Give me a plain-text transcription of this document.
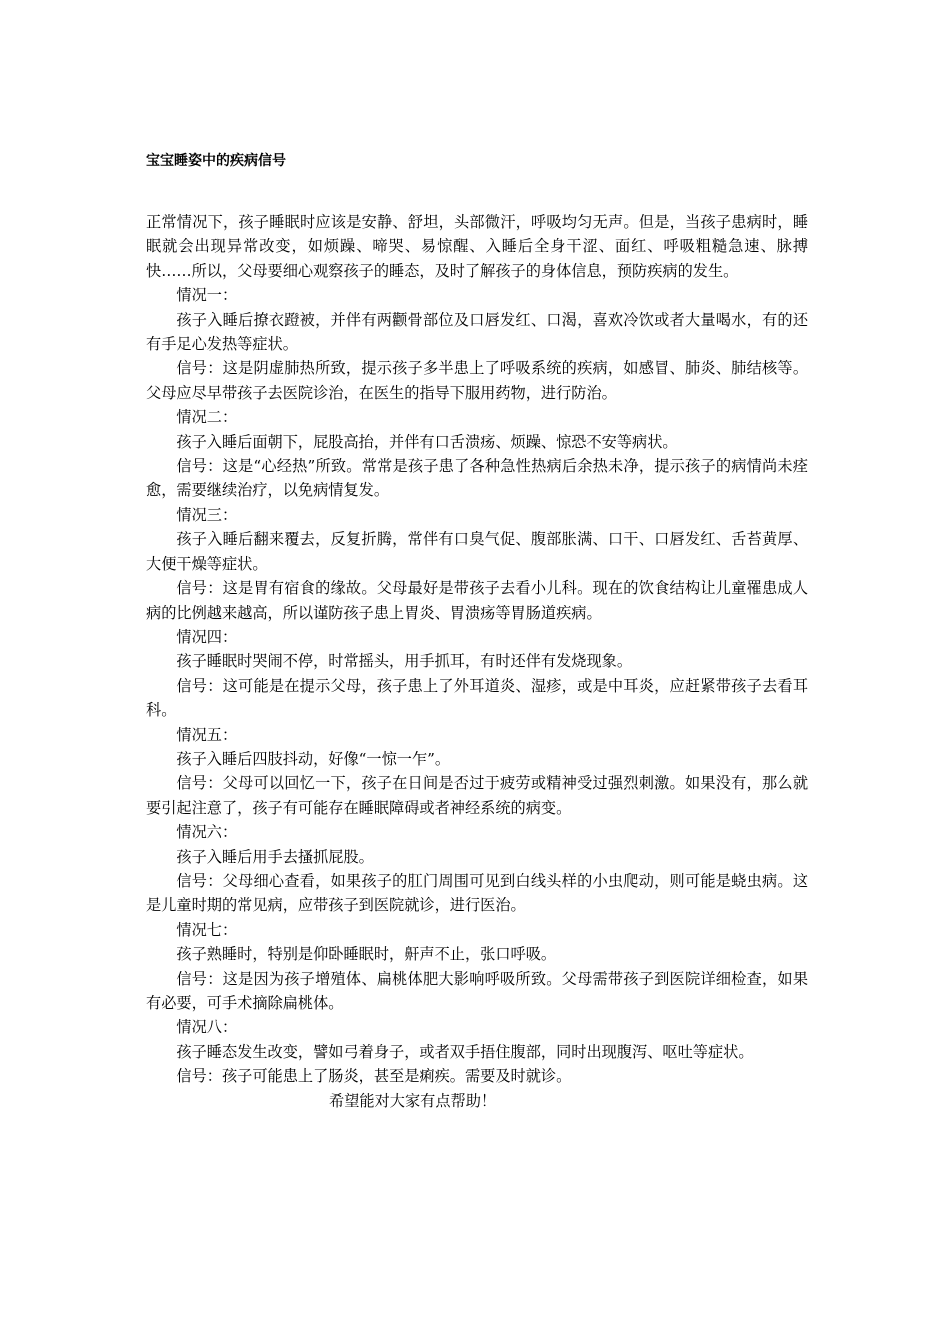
宝宝睡姿中的疾病信号

正常情况下，孩子睡眠时应该是安静、舒坦，头部微汗，呼吸均匀无声。但是，当孩子患病时，睡眠就会出现异常改变，如烦躁、啼哭、易惊醒、入睡后全身干涩、面红、呼吸粗糙急速、脉搏快……所以，父母要细心观察孩子的睡态，及时了解孩子的身体信息，预防疾病的发生。

情况一：

孩子入睡后撩衣蹬被，并伴有两颧骨部位及口唇发红、口渴，喜欢冷饮或者大量喝水，有的还有手足心发热等症状。

信号：这是阴虚肺热所致，提示孩子多半患上了呼吸系统的疾病，如感冒、肺炎、肺结核等。父母应尽早带孩子去医院诊治，在医生的指导下服用药物，进行防治。

情况二：

孩子入睡后面朝下，屁股高抬，并伴有口舌溃疡、烦躁、惊恐不安等病状。

信号：这是“心经热”所致。常常是孩子患了各种急性热病后余热未净，提示孩子的病情尚未痊愈，需要继续治疗，以免病情复发。

情况三：

孩子入睡后翻来覆去，反复折腾，常伴有口臭气促、腹部胀满、口干、口唇发红、舌苔黄厚、大便干燥等症状。

信号：这是胃有宿食的缘故。父母最好是带孩子去看小儿科。现在的饮食结构让儿童罹患成人病的比例越来越高，所以谨防孩子患上胃炎、胃溃疡等胃肠道疾病。

情况四：

孩子睡眠时哭闹不停，时常摇头，用手抓耳，有时还伴有发烧现象。

信号：这可能是在提示父母，孩子患上了外耳道炎、湿疹，或是中耳炎，应赶紧带孩子去看耳科。

情况五：

孩子入睡后四肢抖动，好像“一惊一乍”。

信号：父母可以回忆一下，孩子在日间是否过于疲劳或精神受过强烈刺激。如果没有，那么就要引起注意了，孩子有可能存在睡眠障碍或者神经系统的病变。

情况六：

孩子入睡后用手去搔抓屁股。

信号：父母细心查看，如果孩子的肛门周围可见到白线头样的小虫爬动，则可能是蛲虫病。这是儿童时期的常见病，应带孩子到医院就诊，进行医治。

情况七：

孩子熟睡时，特别是仰卧睡眠时，鼾声不止，张口呼吸。

信号：这是因为孩子增殖体、扁桃体肥大影响呼吸所致。父母需带孩子到医院详细检查，如果有必要，可手术摘除扁桃体。

情况八：

孩子睡态发生改变，譬如弓着身子，或者双手捂住腹部，同时出现腹泻、呕吐等症状。

信号：孩子可能患上了肠炎，甚至是痢疾。需要及时就诊。

希望能对大家有点帮助！
